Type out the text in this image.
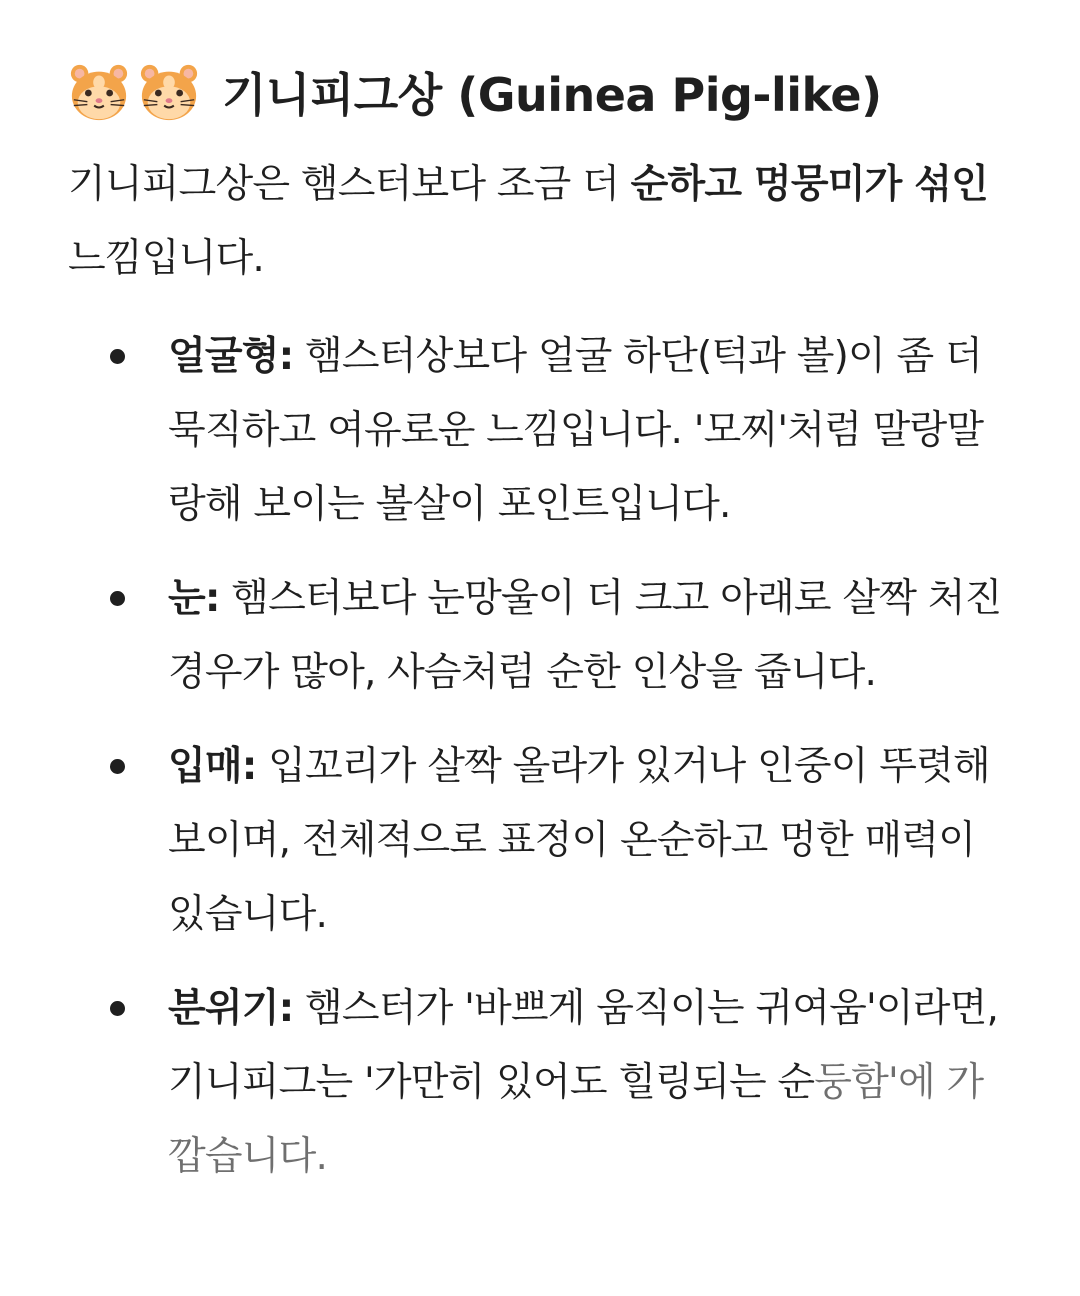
기니피그상 (Guinea Pig-like)

기니피그상은 햄스터보다 조금 더 순하고 멍뭉미가 섞인 느낌입니다.

얼굴형: 햄스터상보다 얼굴 하단(턱과 볼)이 좀 더 묵직하고 여유로운 느낌입니다. '모찌'처럼 말랑말랑해 보이는 볼살이 포인트입니다.
눈: 햄스터보다 눈망울이 더 크고 아래로 살짝 처진 경우가 많아, 사슴처럼 순한 인상을 줍니다.
입매: 입꼬리가 살짝 올라가 있거나 인중이 뚜렷해 보이며, 전체적으로 표정이 온순하고 멍한 매력이 있습니다.
분위기: 햄스터가 '바쁘게 움직이는 귀여움'이라면, 기니피그는 '가만히 있어도 힐링되는 순둥함'에 가깝습니다.
